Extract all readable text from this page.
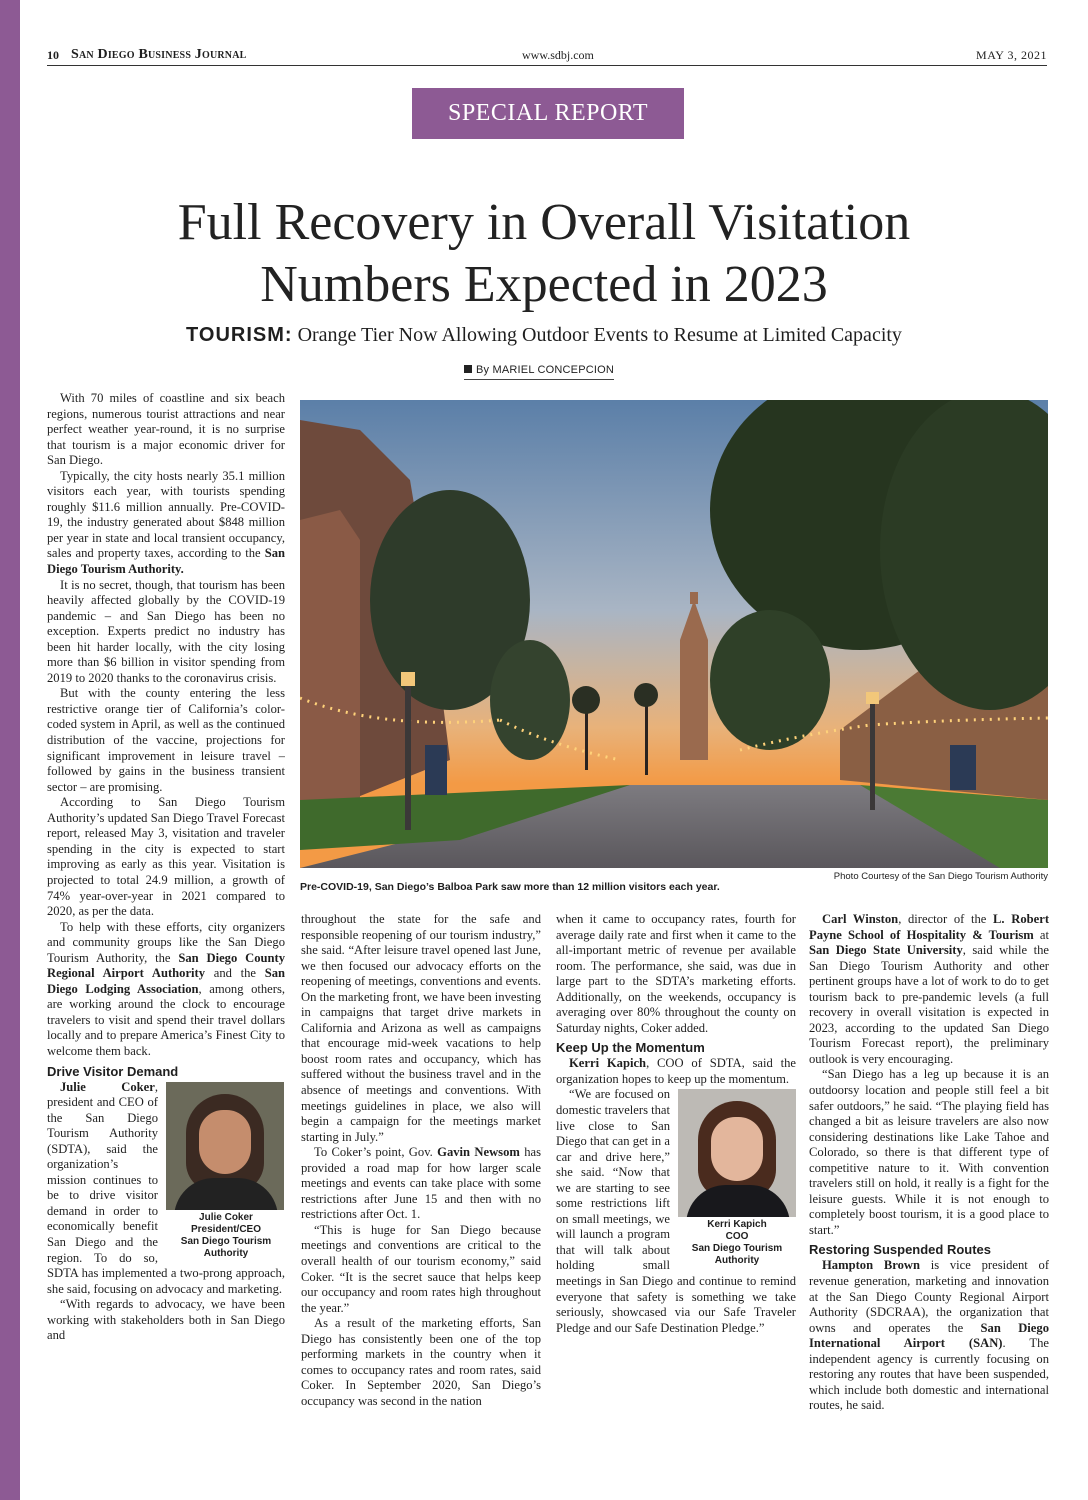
10 San Diego Business Journal	www.sdbj.com	MAY 3, 2021
SPECIAL REPORT
Full Recovery in Overall Visitation
Numbers Expected in 2023
TOURISM: Orange Tier Now Allowing Outdoor Events to Resume at Limited Capacity
By MARIEL CONCEPCION
Photo Courtesy of the San Diego Tourism Authority
Pre-COVID-19, San Diego’s Balboa Park saw more than 12 million visitors each year.

With 70 miles of coastline and six beach regions, numerous tourist attractions and near perfect weather year-round, it is no surprise that tourism is a major economic driver for San Diego.

Typically, the city hosts nearly 35.1 million visitors each year, with tourists spending roughly $11.6 million annually. Pre-COVID-19, the industry generated about $848 million per year in state and local transient occupancy, sales and property taxes, according to the San Diego Tourism Authority.

It is no secret, though, that tourism has been heavily affected globally by the COVID-19 pandemic – and San Diego has been no exception. Experts predict no industry has been hit harder locally, with the city losing more than $6 billion in visitor spending from 2019 to 2020 thanks to the coronavirus crisis.

But with the county entering the less restrictive orange tier of California’s color-coded system in April, as well as the continued distribution of the vaccine, projections for significant improvement in leisure travel – followed by gains in the business transient sector – are promising.

According to San Diego Tourism Authority’s updated San Diego Travel Forecast report, released May 3, visitation and traveler spending in the city is expected to start improving as early as this year. Visitation is projected to total 24.9 million, a growth of 74% year-over-year in 2021 compared to 2020, as per the data.

To help with these efforts, city organizers and community groups like the San Diego Tourism Authority, the San Diego County Regional Airport Authority and the San Diego Lodging Association, among others, are working around the clock to encourage travelers to visit and spend their travel dollars locally and to prepare America’s Finest City to welcome them back.

Drive Visitor Demand
Julie Coker
President/CEO
San Diego Tourism Authority

Julie Coker, president and CEO of the San Diego Tourism Authority (SDTA), said the organization’s mission continues to be to drive visitor demand in order to economically benefit San Diego and the region. To do so, SDTA has implemented a two-prong approach, she said, focusing on advocacy and marketing.

“With regards to advocacy, we have been working with stakeholders both in San Diego and

throughout the state for the safe and responsible reopening of our tourism industry,” she said. “After leisure travel opened last June, we then focused our advocacy efforts on the reopening of meetings, conventions and events. On the marketing front, we have been investing in campaigns that target drive markets in California and Arizona as well as campaigns that encourage mid-week vacations to help boost room rates and occupancy, which has suffered without the business travel and in the absence of meetings and conventions. With meetings guidelines in place, we also will begin a campaign for the meetings market starting in July.”

To Coker’s point, Gov. Gavin Newsom has provided a road map for how larger scale meetings and events can take place with some restrictions after June 15 and then with no restrictions after Oct. 1.

“This is huge for San Diego because meetings and conventions are critical to the overall health of our tourism economy,” said Coker. “It is the secret sauce that helps keep our occupancy and room rates high throughout the year.”

As a result of the marketing efforts, San Diego has consistently been one of the top performing markets in the country when it comes to occupancy rates and room rates, said Coker. In September 2020, San Diego’s occupancy was second in the nation

when it came to occupancy rates, fourth for average daily rate and first when it came to the all-important metric of revenue per available room. The performance, she said, was due in large part to the SDTA’s marketing efforts. Additionally, on the weekends, occupancy is averaging over 80% throughout the county on Saturday nights, Coker added.

Keep Up the Momentum

Kerri Kapich, COO of SDTA, said the organization hopes to keep up the momentum.

Kerri Kapich
COO
San Diego Tourism Authority

“We are focused on domestic travelers that live close to San Diego that can get in a car and drive here,” she said. “Now that we are starting to see some restrictions lift on small meetings, we will launch a program that will talk about holding small meetings in San Diego and continue to remind everyone that safety is something we take seriously, showcased via our Safe Traveler Pledge and our Safe Destination Pledge.”

Carl Winston, director of the L. Robert Payne School of Hospitality & Tourism at San Diego State University, said while the San Diego Tourism Authority and other pertinent groups have a lot of work to do to get tourism back to pre-pandemic levels (a full recovery in overall visitation is expected in 2023, according to the updated San Diego Tourism Forecast report), the preliminary outlook is very encouraging.

“San Diego has a leg up because it is an outdoorsy location and people still feel a bit safer outdoors,” he said. “The playing field has changed a bit as leisure travelers are also now considering destinations like Lake Tahoe and Colorado, so there is that different type of competitive nature to it. With convention travelers still on hold, it really is a fight for the leisure guests. While it is not enough to completely boost tourism, it is a good place to start.”

Restoring Suspended Routes

Hampton Brown is vice president of revenue generation, marketing and innovation at the San Diego County Regional Airport Authority (SDCRAA), the organization that owns and operates the San Diego International Airport (SAN). The independent agency is currently focusing on restoring any routes that have been suspended, which include both domestic and international routes, he said.
